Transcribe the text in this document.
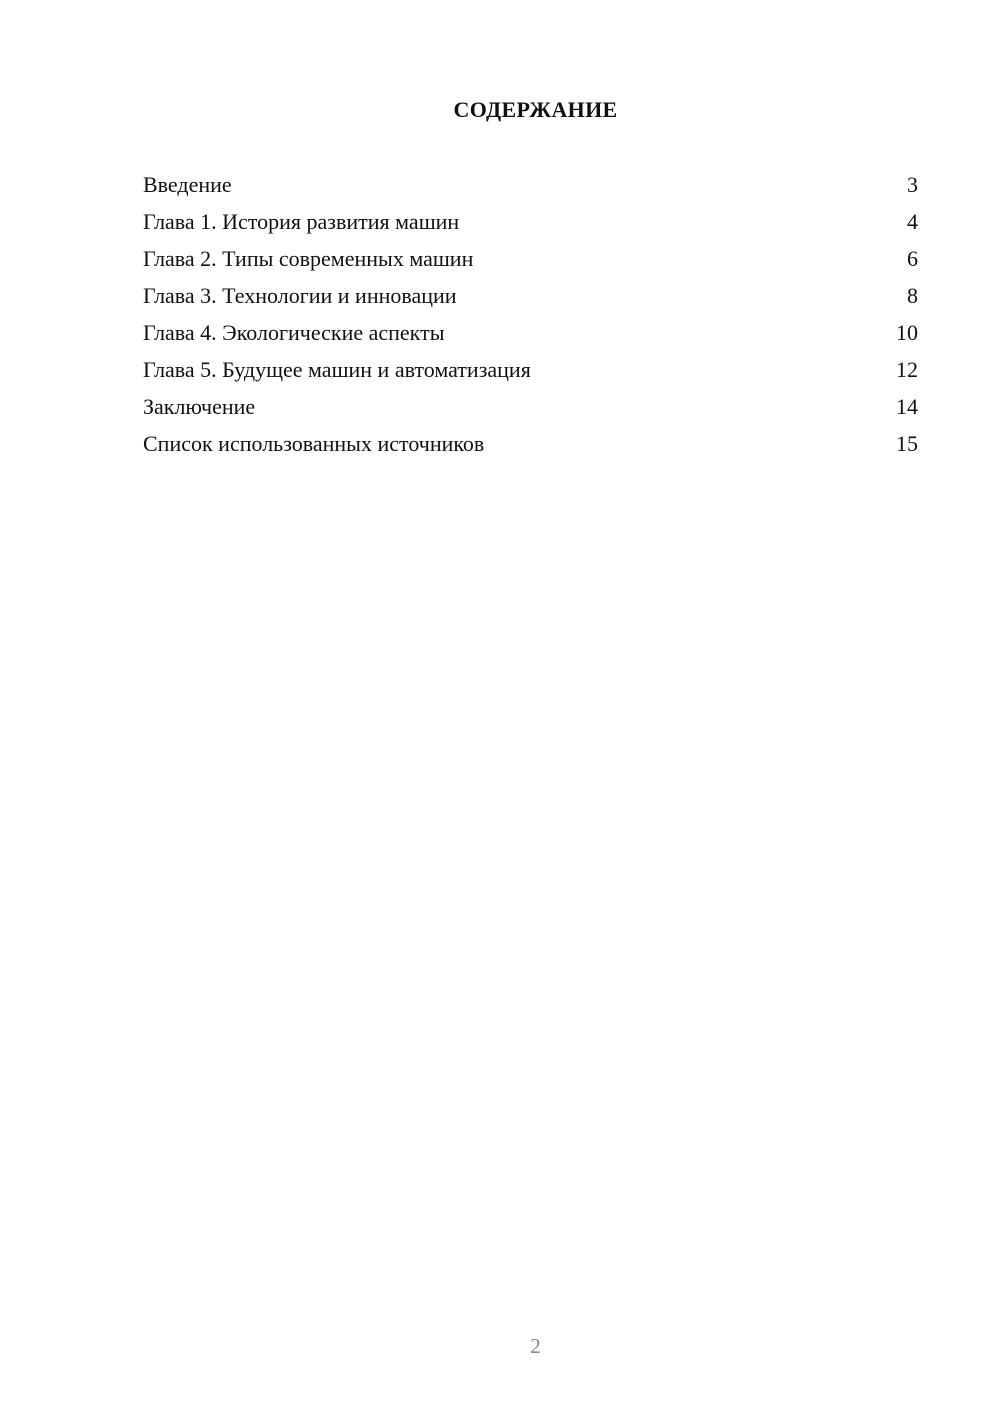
СОДЕРЖАНИЕ
Введение	3
Глава 1. История развития машин	4
Глава 2. Типы современных машин	6
Глава 3. Технологии и инновации	8
Глава 4. Экологические аспекты	10
Глава 5. Будущее машин и автоматизация	12
Заключение	14
Список использованных источников	15
2
